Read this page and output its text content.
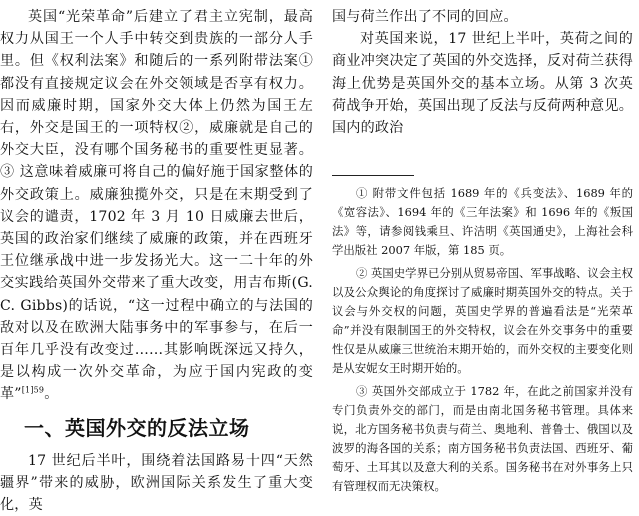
英国“光荣革命”后建立了君主立宪制，最高权力从国王一个人手中转交到贵族的一部分人手里。但《权利法案》和随后的一系列附带法案①都没有直接规定议会在外交领域是否享有权力。因而威廉时期，国家外交大体上仍然为国王左右，外交是国王的一项特权②，威廉就是自己的外交大臣，没有哪个国务秘书的重要性更显著。③ 这意味着威廉可将自己的偏好施于国家整体的外交政策上。威廉独揽外交，只是在末期受到了议会的谴责，1702 年 3 月 10 日威廉去世后，英国的政治家们继续了威廉的政策，并在西班牙王位继承战中进一步发扬光大。这一二十年的外交实践给英国外交带来了重大改变，用吉布斯(G. C. Gibbs)的话说，“这一过程中确立的与法国的敌对以及在欧洲大陆事务中的军事参与，在后一百年几乎没有改变过……其影响既深远又持久，是以构成一次外交革命，为应于国内宪政的变革”$^{[1]59}$。

一、英国外交的反法立场

17 世纪后半叶，围绕着法国路易十四“天然疆界”带来的威胁，欧洲国际关系发生了重大变化，英

国与荷兰作出了不同的回应。

对英国来说，17 世纪上半叶，英荷之间的商业冲突决定了英国的外交选择，反对荷兰获得海上优势是英国外交的基本立场。从第 3 次英荷战争开始，英国出现了反法与反荷两种意见。国内的政治

① 附带文件包括 1689 年的《兵变法》、1689 年的《宽容法》、1694 年的《三年法案》和 1696 年的《叛国法》等，请参阅钱乘旦、许洁明《英国通史》，上海社会科学出版社 2007 年版，第 185 页。

② 英国史学界已分别从贸易帝国、军事战略、议会主权以及公众舆论的角度探讨了威廉时期英国外交的特点。关于议会与外交权的问题，英国史学界的普遍看法是“光荣革命”并没有限制国王的外交特权，议会在外交事务中的重要性仅是从威廉三世统治末期开始的，而外交权的主要变化则是从安妮女王时期开始的。

③ 英国外交部成立于 1782 年，在此之前国家并没有专门负责外交的部门，而是由南北国务秘书管理。具体来说，北方国务秘书负责与荷兰、奥地利、普鲁士、俄国以及波罗的海各国的关系；南方国务秘书负责法国、西班牙、葡萄牙、土耳其以及意大利的关系。国务秘书在对外事务上只有管理权而无决策权。
